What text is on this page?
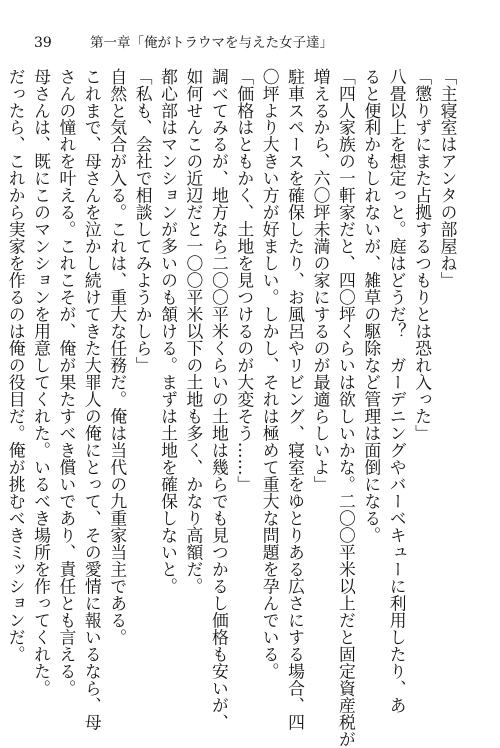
39	第一章「俺がトラウマを与えた女子達」
「主寝室はアンタの部屋ね」
「懲りずにまた占拠するつもりとは恐れ入った」
八畳以上を想定っと。庭はどうだ？　ガーデニングやバーベキューに利用したり、あ
ると便利かもしれないが、雑草の駆除など管理は面倒になる。
「四人家族の一軒家だと、四〇坪くらいは欲しいかな。二〇〇平米以上だと固定資産税が
増えるから、六〇坪未満の家にするのが最適らしいよ」
駐車スペースを確保したり、お風呂やリビング、寝室をゆとりある広さにする場合、四
〇坪より大きい方が好ましい。しかし、それは極めて重大な問題を孕んでいる。
「価格はともかく、土地を見つけるのが大変そう……」
調べてみるが、地方なら二〇〇平米くらいの土地は幾らでも見つかるし価格も安いが、
如何せんこの近辺だと一〇〇平米以下の土地も多く、かなり高額だ。
都心部はマンションが多いのも頷ける。まずは土地を確保しないと。
「私も、会社で相談してみようかしら」
自然と気合が入る。これは、重大な任務だ。俺は当代の九重家当主である。
これまで、母さんを泣かし続けてきた大罪人の俺にとって、その愛情に報いるなら、母
さんの憧れを叶える。これこそが、俺が果たすべき償いであり、責任とも言える。
母さんは、既にこのマンションを用意してくれた。いるべき場所を作ってくれた。
だったら、これから実家を作るのは俺の役目だ。俺が挑むべきミッションだ。
